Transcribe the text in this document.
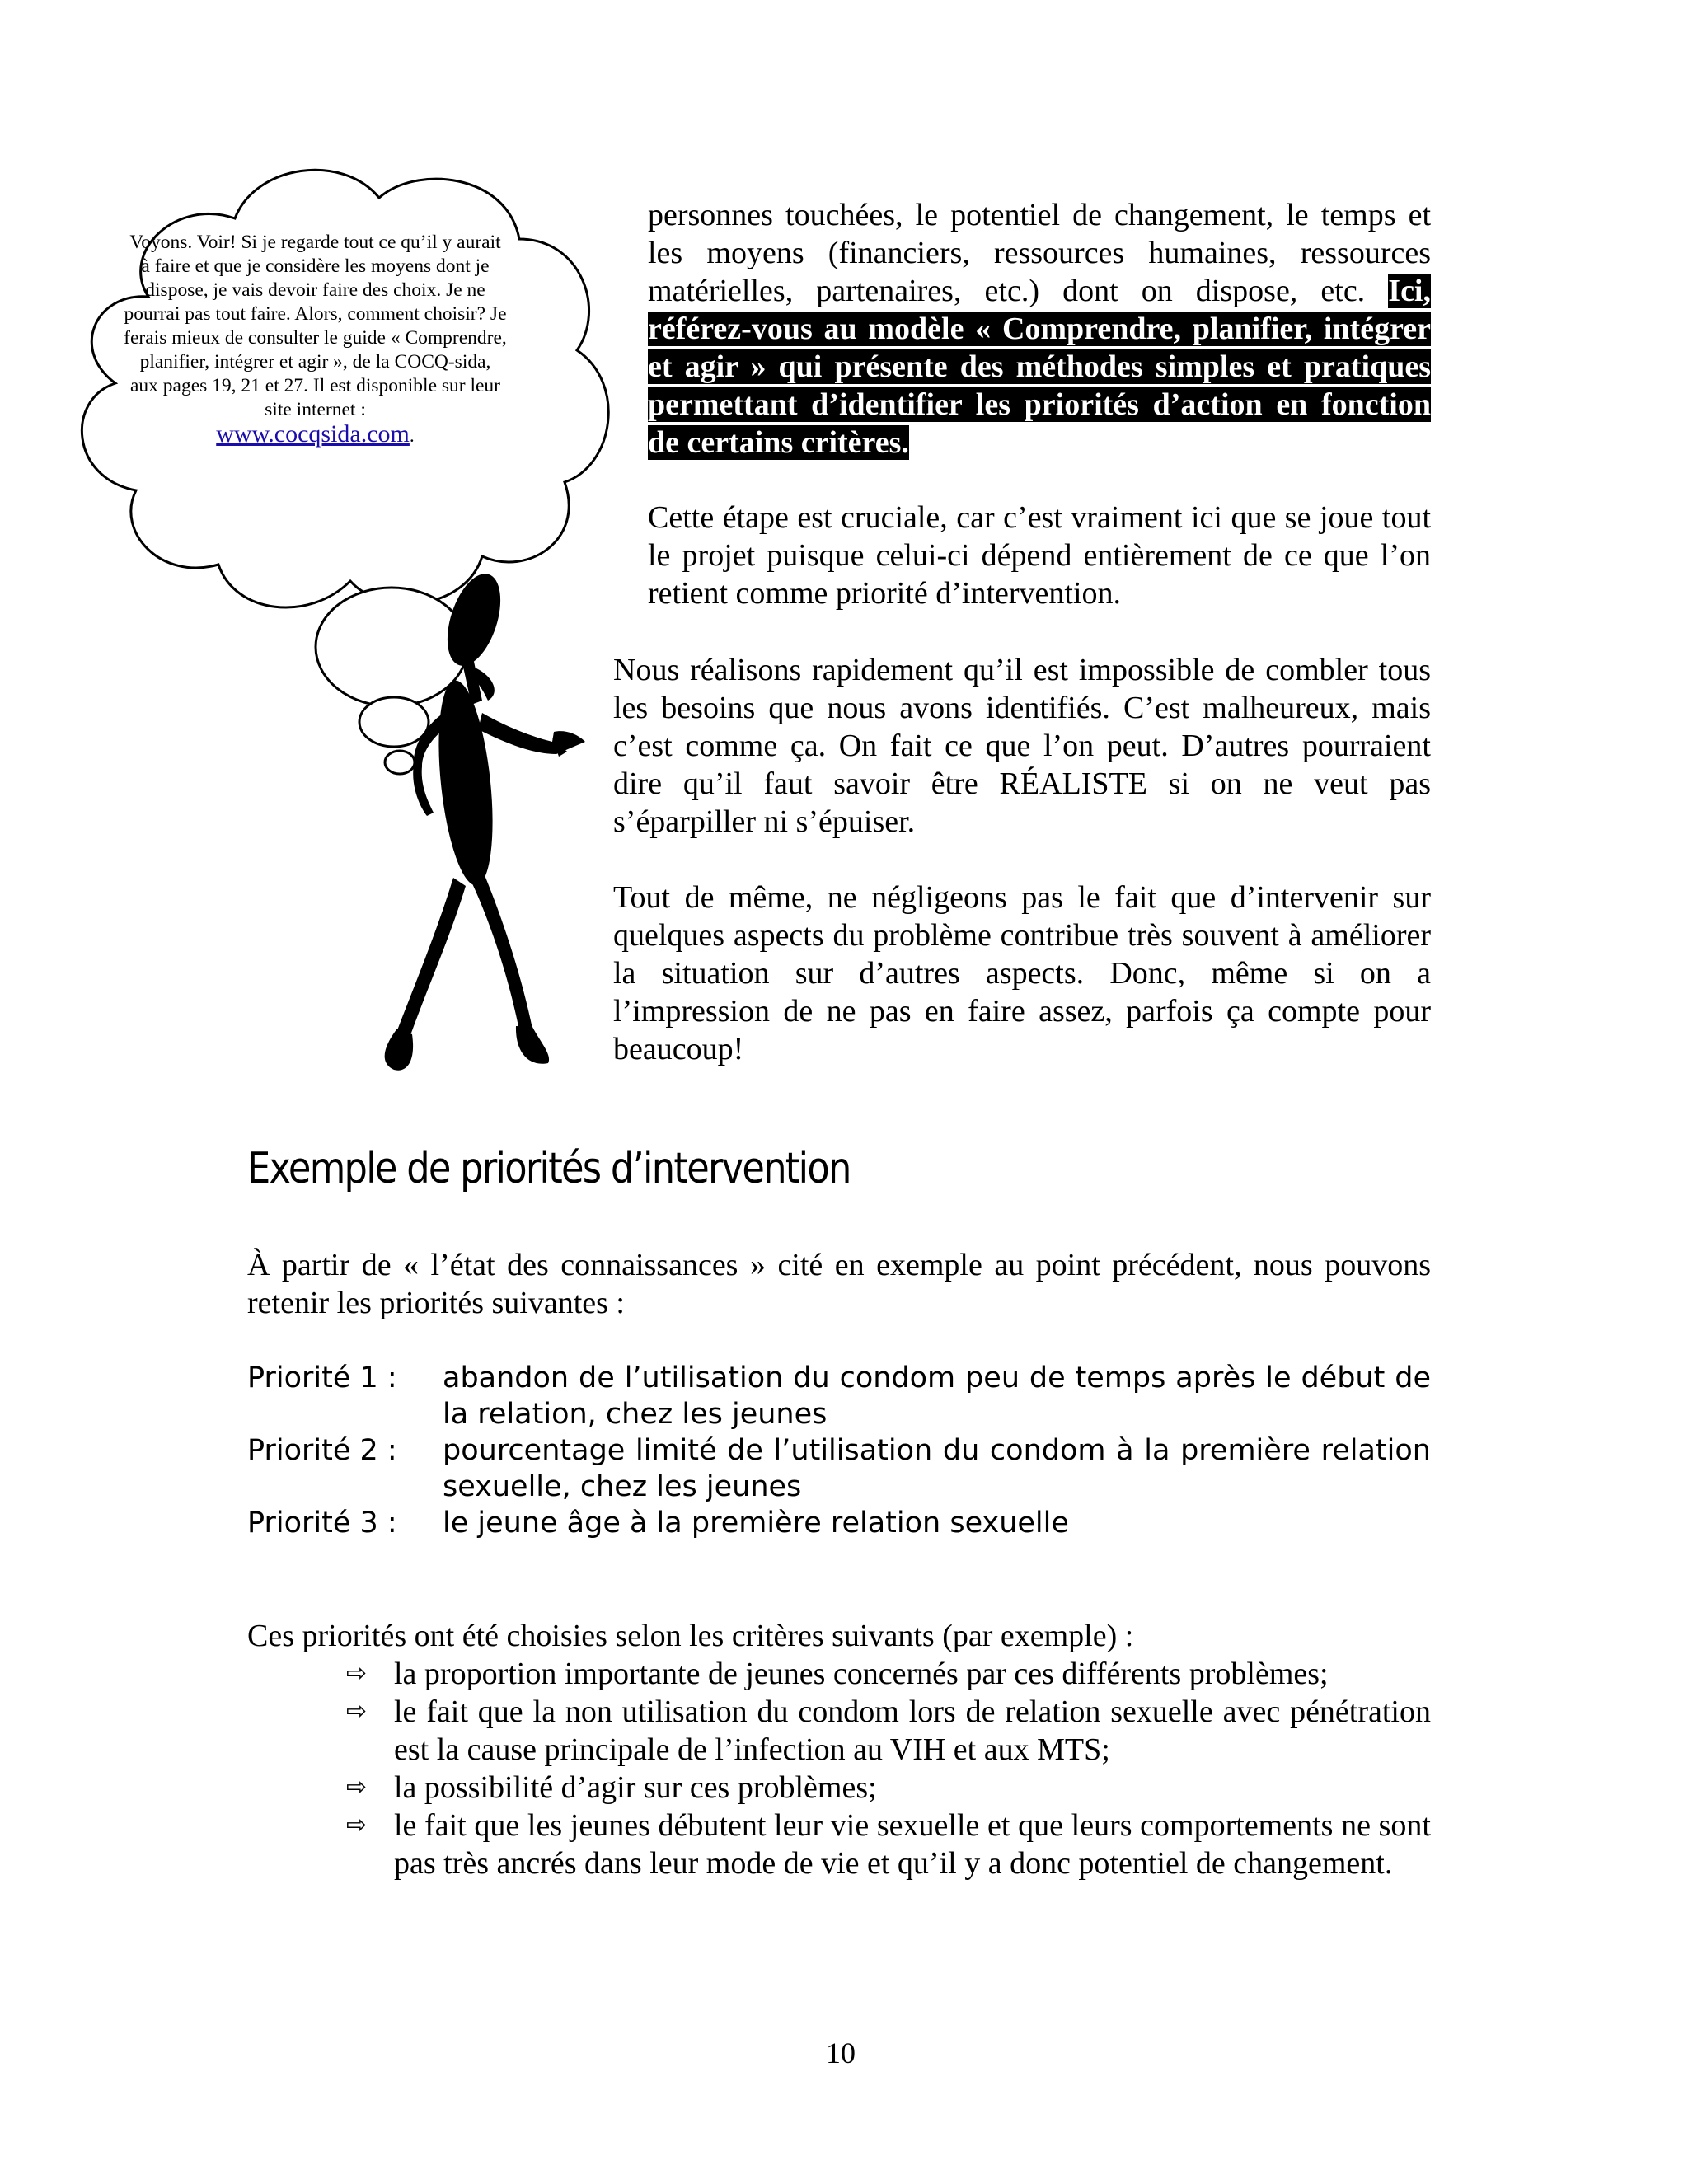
Voyons. Voir! Si je regarde tout ce qu’il y aurait à faire et que je considère les moyens dont je dispose, je vais devoir faire des choix. Je ne pourrai pas tout faire. Alors, comment choisir? Je ferais mieux de consulter le guide « Comprendre, planifier, intégrer et agir », de la COCQ-sida, aux pages 19, 21 et 27. Il est disponible sur leur site internet :
www.cocqsida.com.

personnes touchées, le potentiel de changement, le temps et les moyens (financiers, ressources humaines, ressources matérielles, partenaires, etc.) dont on dispose, etc. Ici, référez-vous au modèle « Comprendre, planifier, intégrer et agir » qui présente des méthodes simples et pratiques permettant d’identifier les priorités d’action en fonction de certains critères.

Cette étape est cruciale, car c’est vraiment ici que se joue tout le projet puisque celui-ci dépend entièrement de ce que l’on retient comme priorité d’intervention.

Nous réalisons rapidement qu’il est impossible de combler tous les besoins que nous avons identifiés. C’est malheureux, mais c’est comme ça. On fait ce que l’on peut. D’autres pourraient dire qu’il faut savoir être RÉALISTE si on ne veut pas s’éparpiller ni s’épuiser.

Tout de même, ne négligeons pas le fait que d’intervenir sur quelques aspects du problème contribue très souvent à améliorer la situation sur d’autres aspects. Donc, même si on a l’impression de ne pas en faire assez, parfois ça compte pour beaucoup!

Exemple de priorités d’intervention

À partir de « l’état des connaissances » cité en exemple au point précédent, nous pouvons retenir les priorités suivantes :

Priorité 1 :	abandon de l’utilisation du condom peu de temps après le début de la relation, chez les jeunes
Priorité 2 :	pourcentage limité de l’utilisation du condom à la première relation sexuelle, chez les jeunes
Priorité 3 :	le jeune âge à la première relation sexuelle

Ces priorités ont été choisies selon les critères suivants (par exemple) :

⇨ la proportion importante de jeunes concernés par ces différents problèmes;
⇨ le fait que la non utilisation du condom lors de relation sexuelle avec pénétration est la cause principale de l’infection au VIH et aux MTS;
⇨ la possibilité d’agir sur ces problèmes;
⇨ le fait que les jeunes débutent leur vie sexuelle et que leurs comportements ne sont pas très ancrés dans leur mode de vie et qu’il y a donc potentiel de changement.
10
